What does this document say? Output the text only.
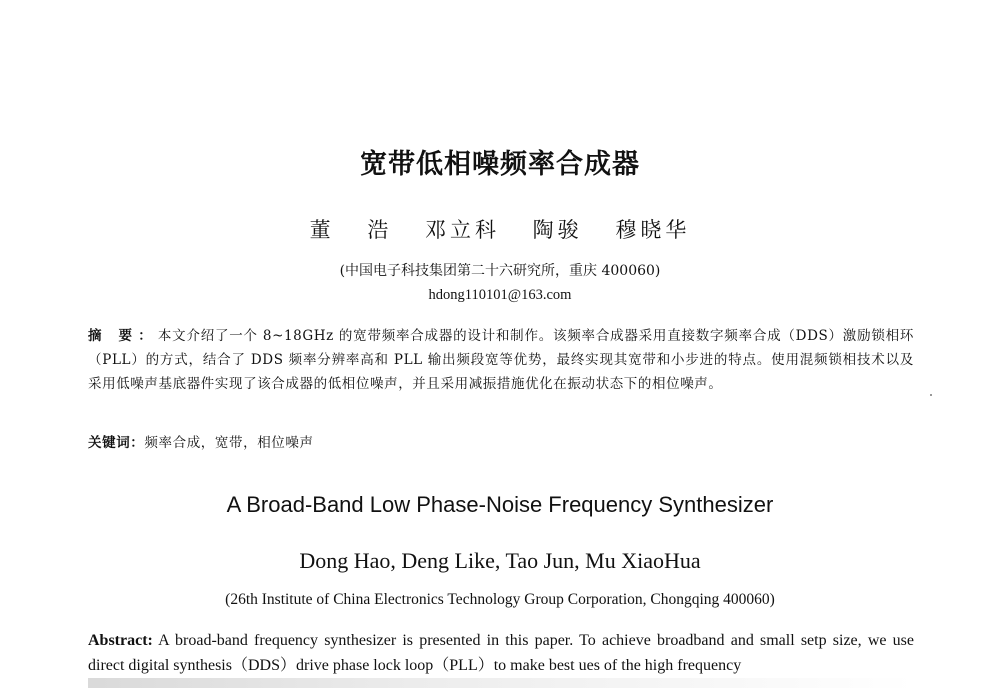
宽带低相噪频率合成器
董 浩 邓立科 陶骏 穆晓华
(中国电子科技集团第二十六研究所，重庆 400060)
hdong110101@163.com
摘 要：本文介绍了一个 8~18GHz 的宽带频率合成器的设计和制作。该频率合成器采用直接数字频率合成（DDS）激励锁相环（PLL）的方式，结合了 DDS 频率分辨率高和 PLL 输出频段宽等优势，最终实现其宽带和小步进的特点。使用混频锁相技术以及采用低噪声基底器件实现了该合成器的低相位噪声，并且采用减振措施优化在振动状态下的相位噪声。
关键词：频率合成，宽带，相位噪声
A Broad-Band Low Phase-Noise Frequency Synthesizer
Dong Hao, Deng Like, Tao Jun, Mu XiaoHua
(26th Institute of China Electronics Technology Group Corporation, Chongqing 400060)
Abstract: A broad-band frequency synthesizer is presented in this paper. To achieve broadband and small setp size, we use direct digital synthesis（DDS）drive phase lock loop（PLL）to make best ues of the high frequency
